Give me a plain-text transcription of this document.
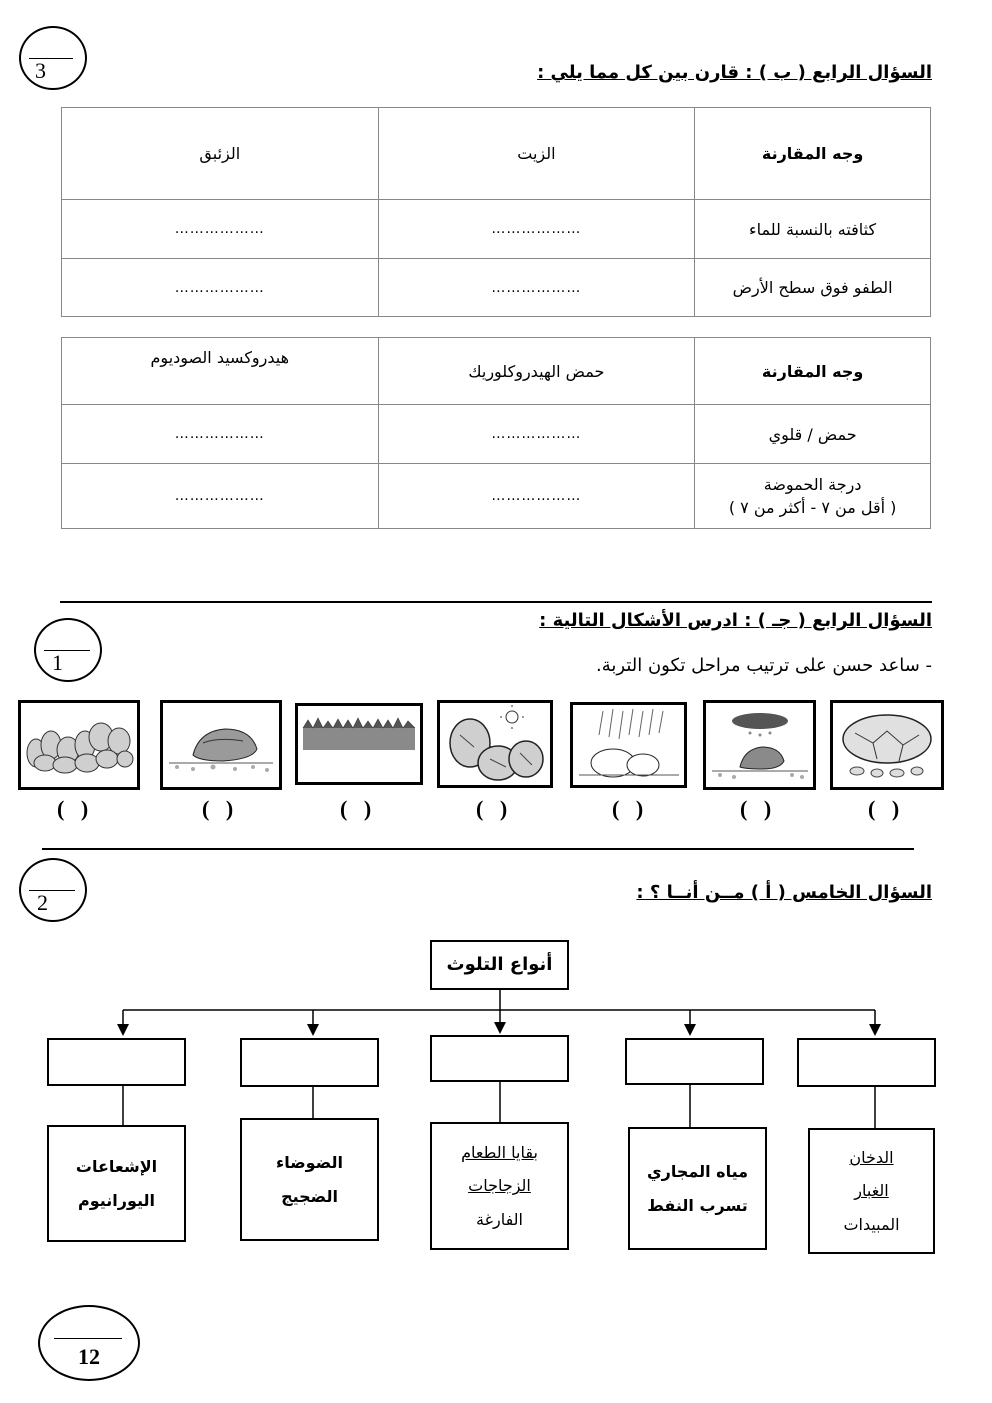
3	السؤال الرابع ( ب ) : قارن بين كل مما يلي :
وجه المقارنة	الزيت	الزئبق
كثافته بالنسبة للماء	………………	………………
الطفو فوق سطح الأرض	………………	………………
وجه المقارنة	حمض الهيدروكلوريك	هيدروكسيد الصوديوم
حمض / قلوي	………………	………………

درجة الحموضة
( أقل من ٧ - أكثر من ٧ )	………………	………………
1
السؤال الرابع ( جـ ) : ادرس الأشكال التالية :
- ساعد حسن على ترتيب مراحل تكون التربة.
(   )	(   )	(   )	(   )	(   )	(   )	(   )
2	السؤال الخامس ( أ ) مــن أنــا ؟ :
أنواع التلوث
الإشعاعات
اليورانيوم
الضوضاء
الضجيج
بقايا الطعام
الزجاجات
الفارغة
مياه المجاري
تسرب النفط
الدخان
الغبار
المبيدات
12
